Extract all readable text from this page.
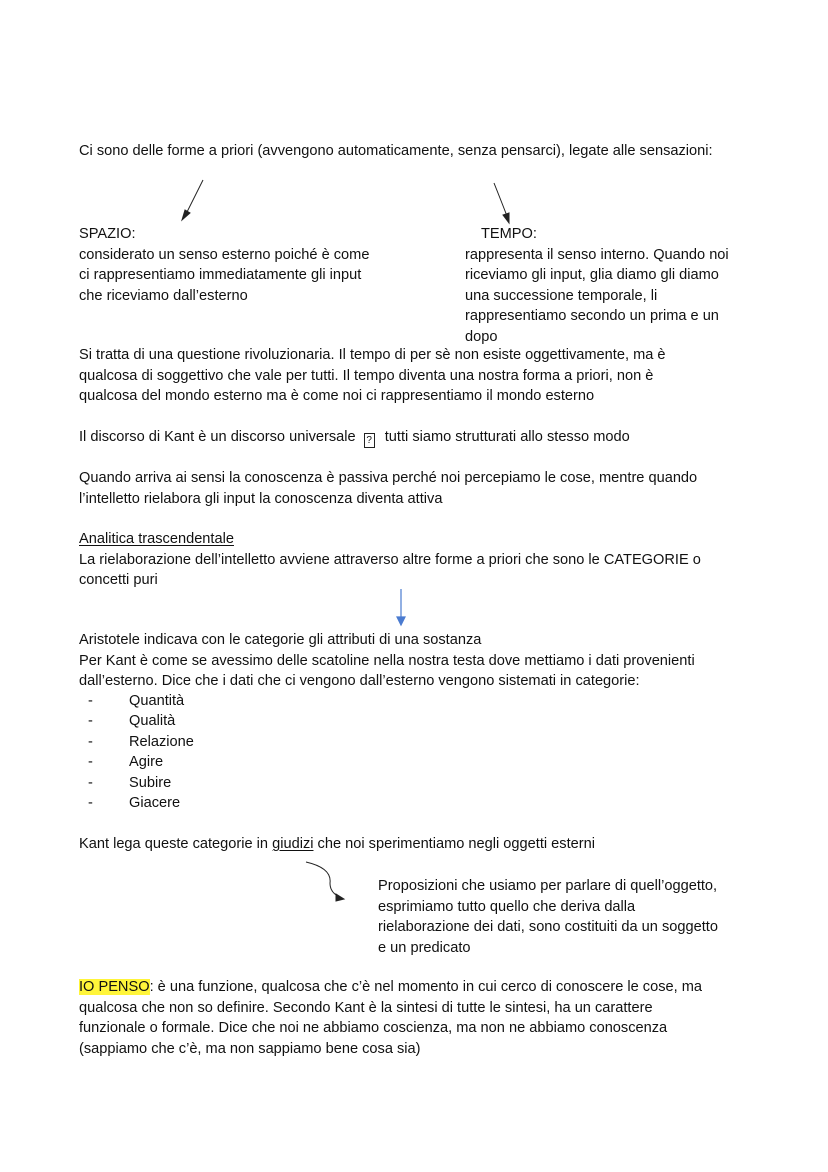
Ci sono delle forme a priori (avvengono automaticamente, senza pensarci), legate alle sensazioni:

SPAZIO:

considerato un senso esterno poiché è come

ci rappresentiamo immediatamente gli input

che riceviamo dall’esterno

TEMPO:

rappresenta il senso interno. Quando noi

riceviamo gli input, glia diamo gli diamo

una successione temporale, li

rappresentiamo secondo un prima e un

dopo

Si tratta di una questione rivoluzionaria. Il tempo di per sè non esiste oggettivamente, ma è

qualcosa di soggettivo che vale per tutti. Il tempo diventa una nostra forma a priori, non è

qualcosa del mondo esterno ma è come noi ci rappresentiamo il mondo esterno

Il discorso di Kant è un discorso universale ? tutti siamo strutturati allo stesso modo

Quando arriva ai sensi la conoscenza è passiva perché noi percepiamo le cose, mentre quando

l’intelletto rielabora gli input la conoscenza diventa attiva

Analitica trascendentale

La rielaborazione dell’intelletto avviene attraverso altre forme a priori che sono le CATEGORIE o

concetti puri

Aristotele indicava con le categorie gli attributi di una sostanza

Per Kant è come se avessimo delle scatoline nella nostra testa dove mettiamo i dati provenienti

dall’esterno. Dice che i dati che ci vengono dall’esterno vengono sistemati in categorie:

- Quantità
- Qualità
- Relazione
- Agire
- Subire
- Giacere
Kant lega queste categorie in giudizi che noi sperimentiamo negli oggetti esterni

Proposizioni che usiamo per parlare di quell’oggetto,

esprimiamo tutto quello che deriva dalla

rielaborazione dei dati, sono costituiti da un soggetto

e un predicato

IO PENSO: è una funzione, qualcosa che c’è nel momento in cui cerco di conoscere le cose, ma

qualcosa che non so definire. Secondo Kant è la sintesi di tutte le sintesi, ha un carattere

funzionale o formale. Dice che noi ne abbiamo coscienza, ma non ne abbiamo conoscenza

(sappiamo che c’è, ma non sappiamo bene cosa sia)
